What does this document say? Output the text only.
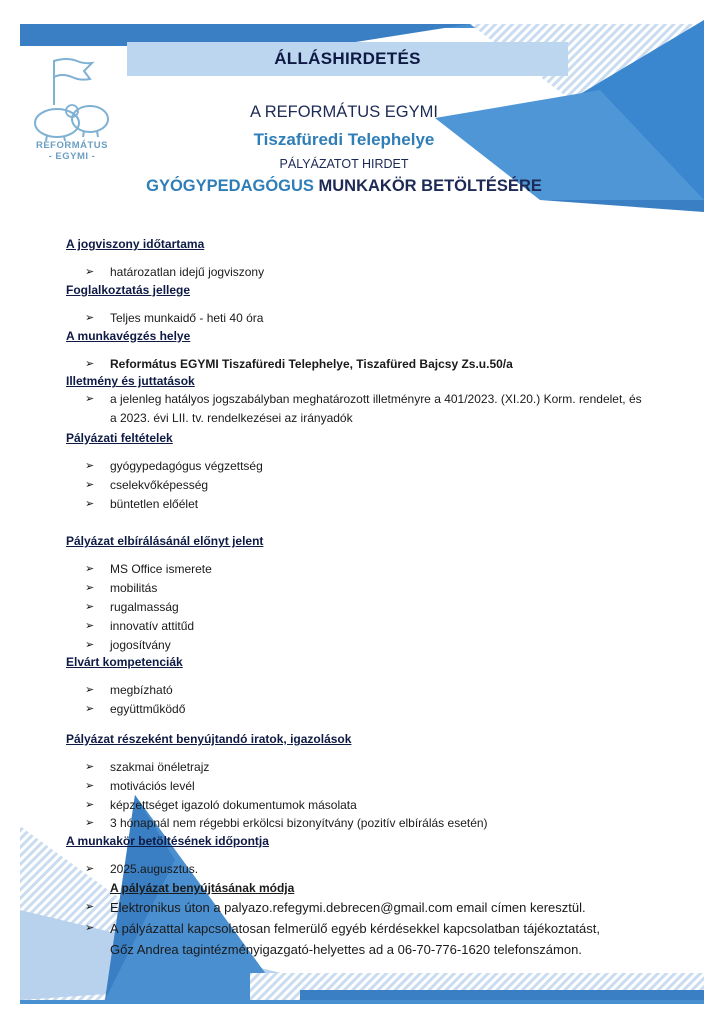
ÁLLÁSHIRDETÉS
REFORMÁTUS
- EGYMI -
A REFORMÁTUS EGYMI
Tiszafüredi Telephelye
PÁLYÁZATOT HIRDET
GYÓGYPEDAGÓGUS MUNKAKÖR BETÖLTÉSÉRE
A jogviszony időtartama
➢ határozatlan idejű jogviszony
Foglalkoztatás jellege
➢ Teljes munkaidő - heti 40 óra
A munkavégzés helye
➢ Református EGYMI Tiszafüredi Telephelye, Tiszafüred Bajcsy Zs.u.50/a
Illetmény és juttatások
➢ a jelenleg hatályos jogszabályban meghatározott illetményre a 401/2023. (XI.20.) Korm. rendelet, és a 2023. évi LII. tv. rendelkezései az irányadók
Pályázati feltételek
➢ gyógypedagógus végzettség
➢ cselekvőképesség
➢ büntetlen előélet
Pályázat elbírálásánál előnyt jelent
➢ MS Office ismerete
➢ mobilitás
➢ rugalmasság
➢ innovatív attitűd
➢ jogosítvány
Elvárt kompetenciák
➢ megbízható
➢ együttműködő
Pályázat részeként benyújtandó iratok, igazolások
➢ szakmai önéletrajz
➢ motivációs levél
➢ képzettséget igazoló dokumentumok másolata
➢ 3 hónapnál nem régebbi erkölcsi bizonyítvány (pozitív elbírálás esetén)
A munkakör betöltésének időpontja
➢ 2025.augusztus.
A pályázat benyújtásának módja
➢ Elektronikus úton a palyazo.refegymi.debrecen@gmail.com email címen keresztül.
➢ A pályázattal kapcsolatosan felmerülő egyéb kérdésekkel kapcsolatban tájékoztatást, Gőz Andrea tagintézményigazgató-helyettes ad a 06-70-776-1620 telefonszámon.
